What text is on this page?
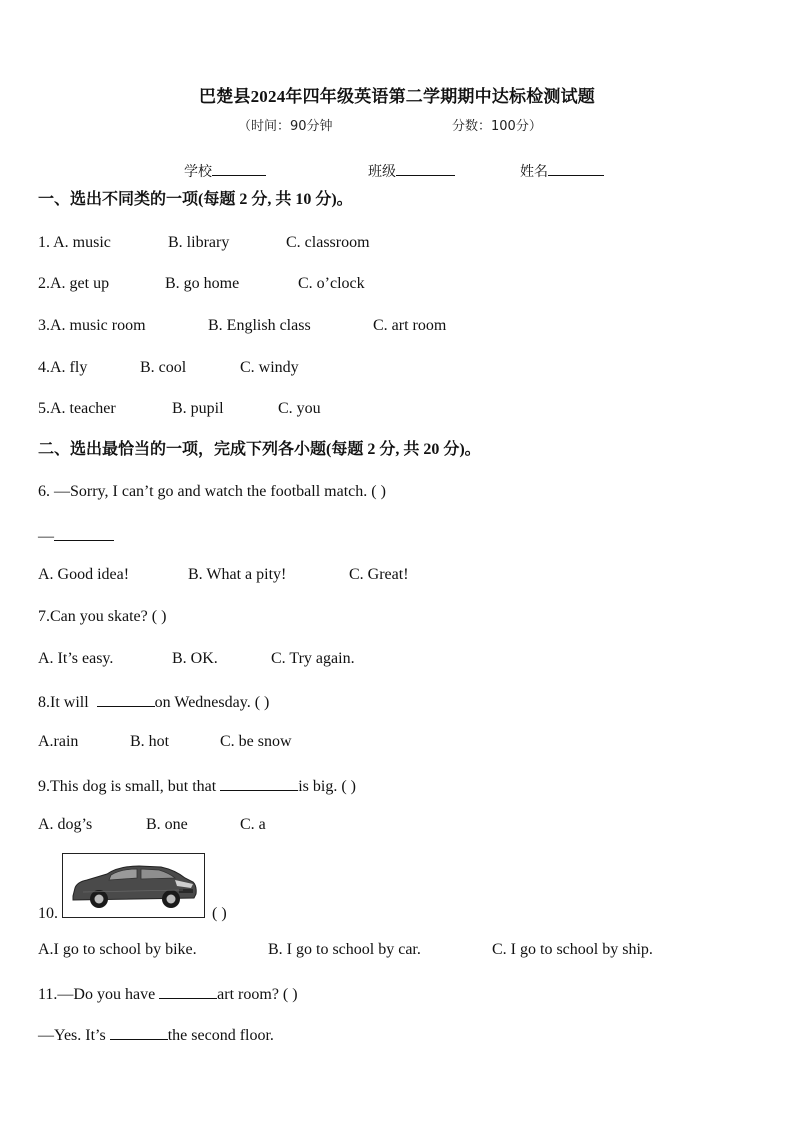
巴楚县2024年四年级英语第二学期期中达标检测试题
（时间：90分钟	分数：100分）
学校	班级	姓名
一、选出不同类的一项(每题 2 分, 共 10 分)。
1. A. music	B. library	C. classroom
2.A. get up	B. go home	C. o’clock
3.A. music room	B. English class	C. art room
4.A. fly	B. cool	C. windy
5.A. teacher	B. pupil	C. you
二、选出最恰当的一项，完成下列各小题(每题 2 分, 共 20 分)。
6. —Sorry, I can’t go and watch the football match. ( )
—
A. Good idea!	B. What a pity!	C. Great!
7.Can you skate? ( )
A. It’s easy.	B. OK.	C. Try again.
8.It will	on Wednesday. ( )
A.rain	B. hot	C. be snow
9.This dog is small, but that	is big. ( )
A. dog’s	B. one	C. a
10.	( )
A.I go to school by bike.	B. I go to school by car.	C. I go to school by ship.
11.—Do you have	art room? ( )
—Yes. It’s	the second floor.
